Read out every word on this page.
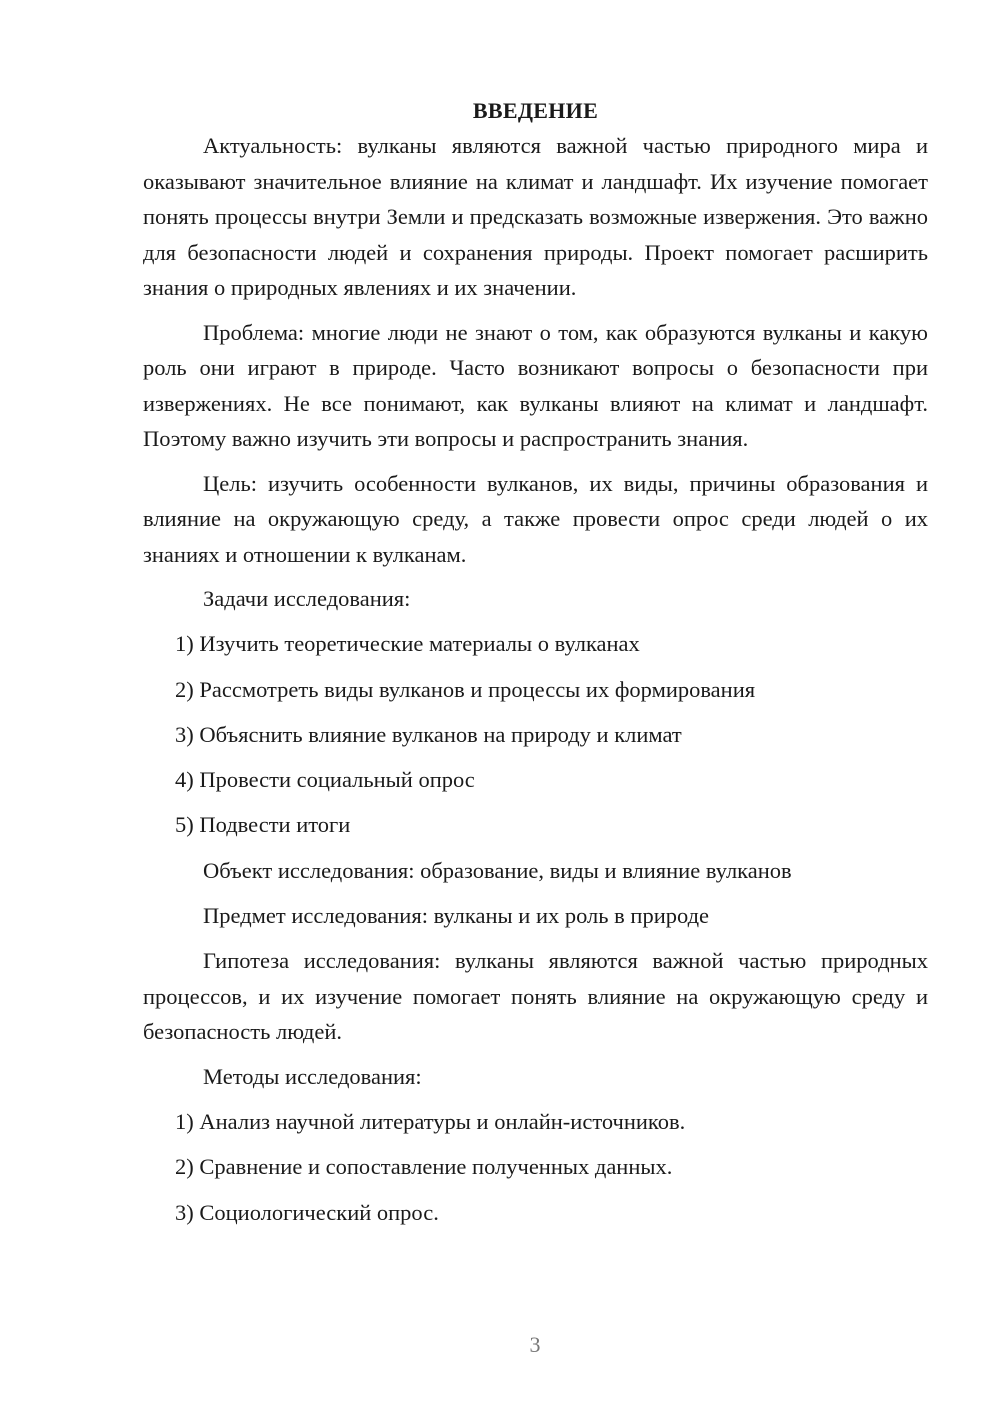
ВВЕДЕНИЕ

Актуальность: вулканы являются важной частью природного мира и оказывают значительное влияние на климат и ландшафт. Их изучение помогает понять процессы внутри Земли и предсказать возможные извержения. Это важно для безопасности людей и сохранения природы. Проект помогает расширить знания о природных явлениях и их значении.

Проблема: многие люди не знают о том, как образуются вулканы и какую роль они играют в природе. Часто возникают вопросы о безопасности при извержениях. Не все понимают, как вулканы влияют на климат и ландшафт. Поэтому важно изучить эти вопросы и распространить знания.

Цель: изучить особенности вулканов, их виды, причины образования и влияние на окружающую среду, а также провести опрос среди людей о их знаниях и отношении к вулканам.

Задачи исследования:
1) Изучить теоретические материалы о вулканах
2) Рассмотреть виды вулканов и процессы их формирования
3) Объяснить влияние вулканов на природу и климат
4) Провести социальный опрос
5) Подвести итоги
Объект исследования: образование, виды и влияние вулканов
Предмет исследования: вулканы и их роль в природе

Гипотеза исследования: вулканы являются важной частью природных процессов, и их изучение помогает понять влияние на окружающую среду и безопасность людей.

Методы исследования:
1) Анализ научной литературы и онлайн-источников.
2) Сравнение и сопоставление полученных данных.
3) Социологический опрос.
3
